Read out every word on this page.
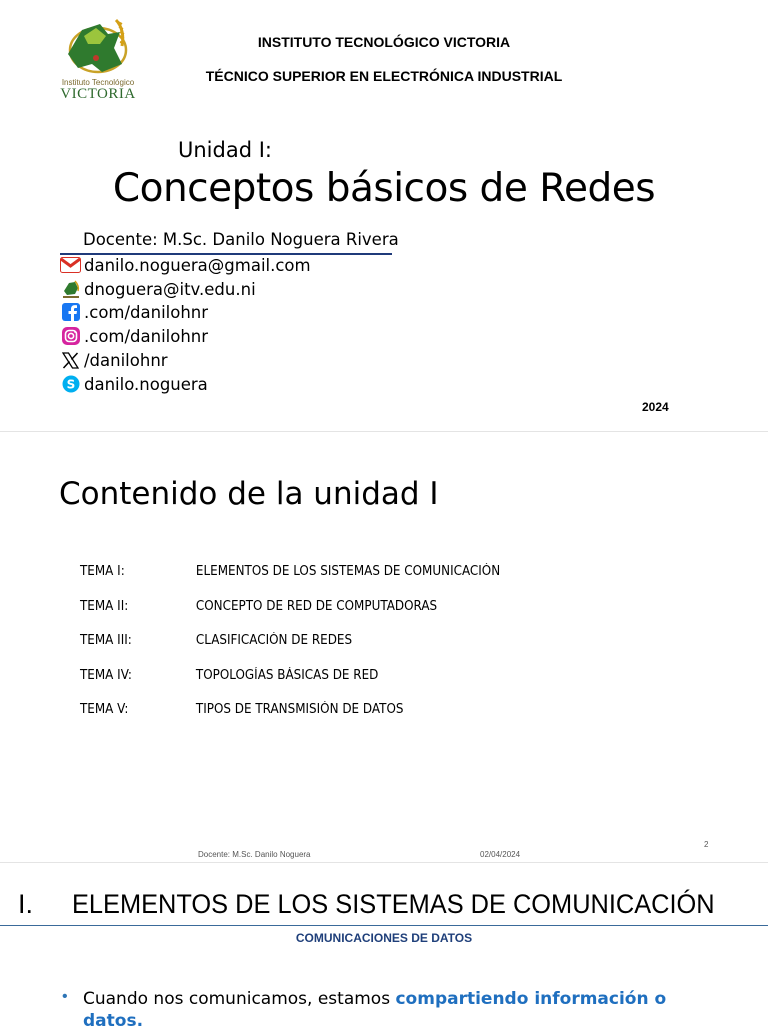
Instituto Tecnológico
VICTORIA
INSTITUTO TECNOLÓGICO VICTORIA
TÉCNICO SUPERIOR EN ELECTRÓNICA INDUSTRIAL
Unidad I:
Conceptos básicos de Redes
Docente: M.Sc. Danilo Noguera Rivera
danilo.noguera@gmail.com
dnoguera@itv.edu.ni
.com/danilohnr
.com/danilohnr
/danilohnr
S danilo.noguera
2024
Contenido de la unidad I
TEMA I:	ELEMENTOS DE LOS SISTEMAS DE COMUNICACIÓN
TEMA II:	CONCEPTO DE RED DE COMPUTADORAS
TEMA III:	CLASIFICACIÓN DE REDES
TEMA IV:	TOPOLOGÍAS BÁSICAS DE RED
TEMA V:	TIPOS DE TRANSMISIÓN DE DATOS
Docente: M.Sc. Danilo Noguera	02/04/2024
2
I. ELEMENTOS DE LOS SISTEMAS DE COMUNICACIÓN
COMUNICACIONES DE DATOS
• Cuando nos comunicamos, estamos compartiendo información o datos.
